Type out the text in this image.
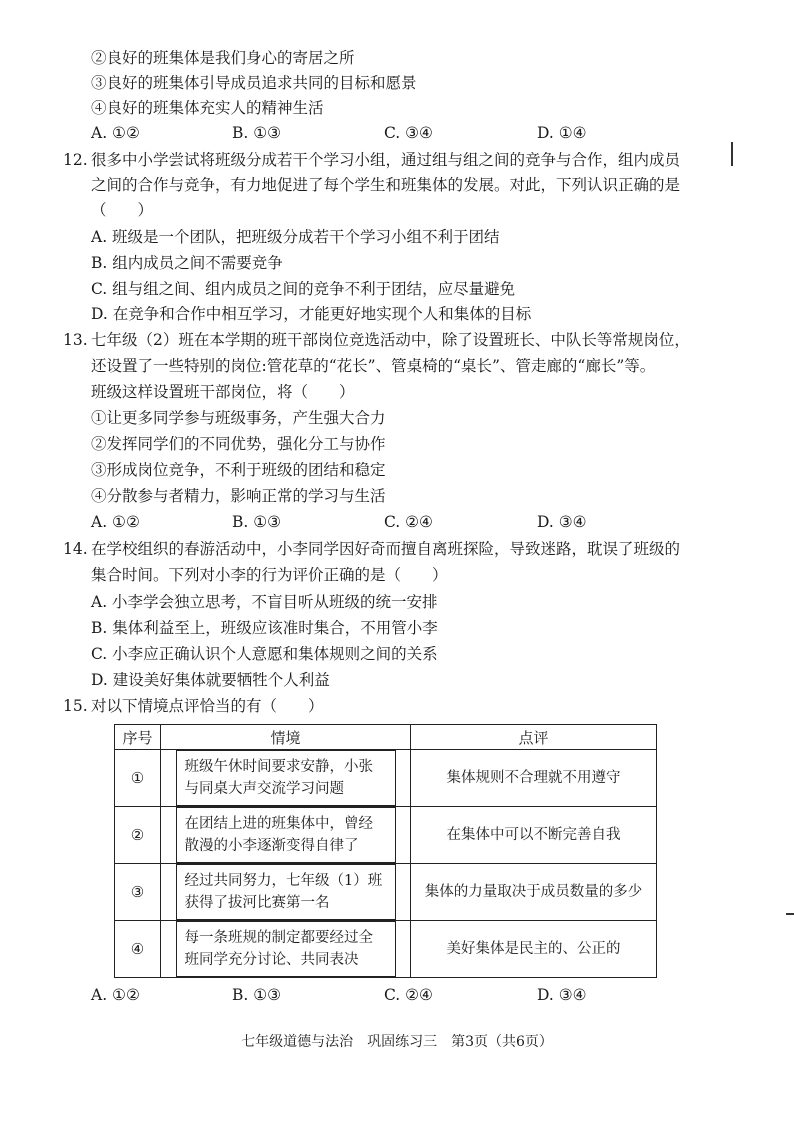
②良好的班集体是我们身心的寄居之所
③良好的班集体引导成员追求共同的目标和愿景
④良好的班集体充实人的精神生活
A. ①②	B. ①③	C. ③④	D. ①④
12. 很多中小学尝试将班级分成若干个学习小组，通过组与组之间的竞争与合作，组内成员
之间的合作与竞争，有力地促进了每个学生和班集体的发展。对此，下列认识正确的是
（　　）
A. 班级是一个团队，把班级分成若干个学习小组不利于团结
B. 组内成员之间不需要竞争
C. 组与组之间、组内成员之间的竞争不利于团结，应尽量避免
D. 在竞争和合作中相互学习，才能更好地实现个人和集体的目标
13. 七年级（2）班在本学期的班干部岗位竞选活动中，除了设置班长、中队长等常规岗位，
还设置了一些特别的岗位:管花草的“花长”、管桌椅的“桌长”、管走廊的“廊长”等。
班级这样设置班干部岗位，将（　　）
①让更多同学参与班级事务，产生强大合力
②发挥同学们的不同优势，强化分工与协作
③形成岗位竞争，不利于班级的团结和稳定
④分散参与者精力，影响正常的学习与生活
A. ①②	B. ①③	C. ②④	D. ③④
14. 在学校组织的春游活动中，小李同学因好奇而擅自离班探险，导致迷路，耽误了班级的
集合时间。下列对小李的行为评价正确的是（　　）
A. 小李学会独立思考，不盲目听从班级的统一安排
B. 集体利益至上，班级应该准时集合，不用管小李
C. 小李应正确认识个人意愿和集体规则之间的关系
D. 建设美好集体就要牺牲个人利益
15. 对以下情境点评恰当的有（　　）
序号	情境	点评
①	班级午休时间要求安静，小张与同桌大声交流学习问题	集体规则不合理就不用遵守
②	在团结上进的班集体中，曾经散漫的小李逐渐变得自律了	在集体中可以不断完善自我
③	经过共同努力，七年级（1）班获得了拔河比赛第一名	集体的力量取决于成员数量的多少
④	每一条班规的制定都要经过全班同学充分讨论、共同表决	美好集体是民主的、公正的
A. ①②	B. ①③	C. ②④	D. ③④
七年级道德与法治　巩固练习三　第3页（共6页）
